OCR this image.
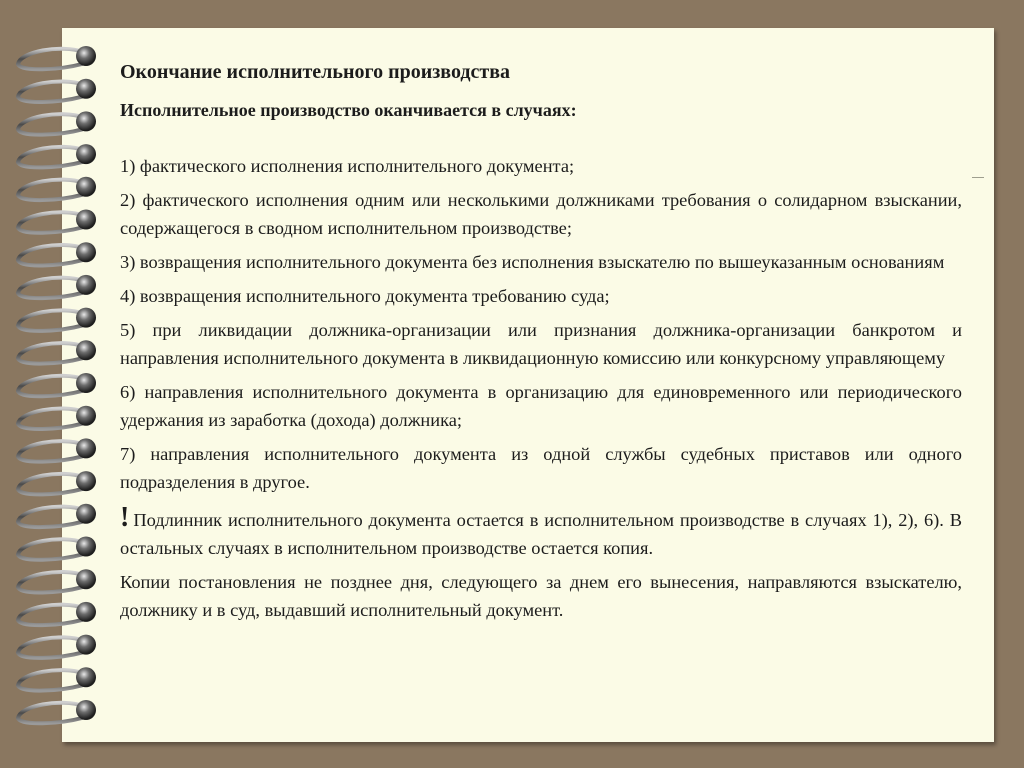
Окончание исполнительного производства
Исполнительное производство оканчивается в случаях:
1) фактического исполнения исполнительного документа;
2) фактического исполнения одним или несколькими должниками требования о солидарном взыскании, содержащегося в сводном исполнительном производстве;
3) возвращения исполнительного документа без исполнения взыскателю по вышеуказанным основаниям
4) возвращения исполнительного документа требованию суда;
5) при ликвидации должника-организации или признания должника-организации банкротом и направления исполнительного документа в ликвидационную комиссию или конкурсному управляющему
6) направления исполнительного документа в организацию для единовременного или периодического удержания из заработка (дохода) должника;
7) направления исполнительного документа из одной службы судебных приставов или одного подразделения в другое.
! Подлинник исполнительного документа остается в исполнительном производстве в случаях 1), 2), 6). В остальных случаях в исполнительном производстве остается копия.
Копии постановления не позднее дня, следующего за днем его вынесения, направляются взыскателю, должнику и в суд, выдавший исполнительный документ.
